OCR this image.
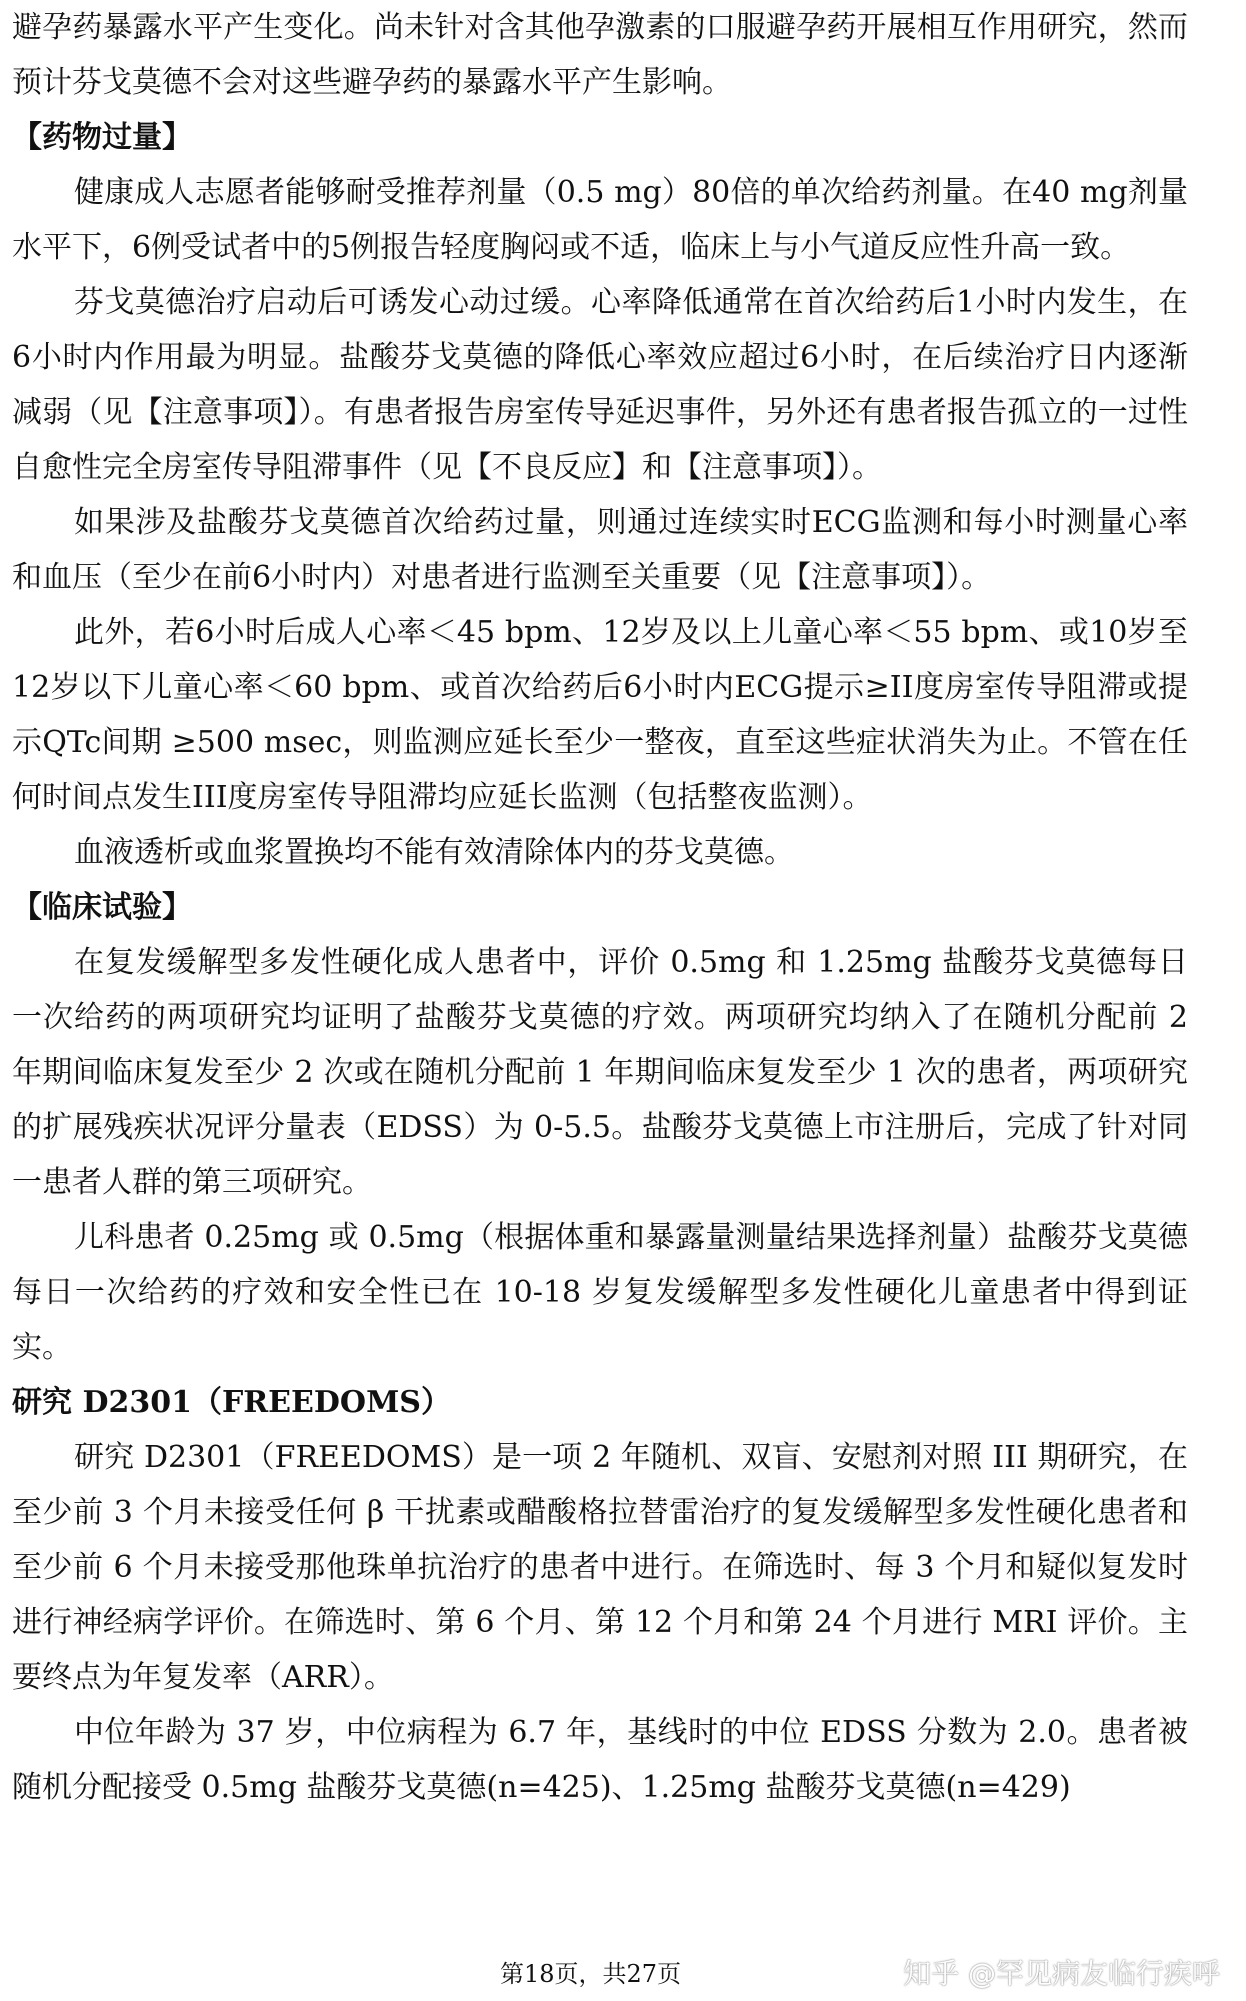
避孕药暴露水平产生变化。尚未针对含其他孕激素的口服避孕药开展相互作用研究，然而预计芬戈莫德不会对这些避孕药的暴露水平产生影响。

【药物过量】

健康成人志愿者能够耐受推荐剂量（0.5 mg）80倍的单次给药剂量。在40 mg剂量水平下，6例受试者中的5例报告轻度胸闷或不适，临床上与小气道反应性升高一致。

芬戈莫德治疗启动后可诱发心动过缓。心率降低通常在首次给药后1小时内发生，在6小时内作用最为明显。盐酸芬戈莫德的降低心率效应超过6小时，在后续治疗日内逐渐减弱（见【注意事项】）。有患者报告房室传导延迟事件，另外还有患者报告孤立的一过性自愈性完全房室传导阻滞事件（见【不良反应】和【注意事项】）。

如果涉及盐酸芬戈莫德首次给药过量，则通过连续实时ECG监测和每小时测量心率和血压（至少在前6小时内）对患者进行监测至关重要（见【注意事项】）。

此外，若6小时后成人心率＜45 bpm、12岁及以上儿童心率＜55 bpm、或10岁至12岁以下儿童心率＜60 bpm、或首次给药后6小时内ECG提示≥II度房室传导阻滞或提示QTc间期 ≥500 msec，则监测应延长至少一整夜，直至这些症状消失为止。不管在任何时间点发生III度房室传导阻滞均应延长监测（包括整夜监测）。

血液透析或血浆置换均不能有效清除体内的芬戈莫德。

【临床试验】

在复发缓解型多发性硬化成人患者中，评价 0.5mg 和 1.25mg 盐酸芬戈莫德每日一次给药的两项研究均证明了盐酸芬戈莫德的疗效。两项研究均纳入了在随机分配前 2 年期间临床复发至少 2 次或在随机分配前 1 年期间临床复发至少 1 次的患者，两项研究的扩展残疾状况评分量表（EDSS）为 0-5.5。盐酸芬戈莫德上市注册后，完成了针对同一患者人群的第三项研究。

儿科患者 0.25mg 或 0.5mg（根据体重和暴露量测量结果选择剂量）盐酸芬戈莫德每日一次给药的疗效和安全性已在 10-18 岁复发缓解型多发性硬化儿童患者中得到证实。

研究 D2301（FREEDOMS）

研究 D2301（FREEDOMS）是一项 2 年随机、双盲、安慰剂对照 III 期研究，在至少前 3 个月未接受任何 β 干扰素或醋酸格拉替雷治疗的复发缓解型多发性硬化患者和至少前 6 个月未接受那他珠单抗治疗的患者中进行。在筛选时、每 3 个月和疑似复发时进行神经病学评价。在筛选时、第 6 个月、第 12 个月和第 24 个月进行 MRI 评价。主要终点为年复发率（ARR）。

中位年龄为 37 岁，中位病程为 6.7 年，基线时的中位 EDSS 分数为 2.0。患者被随机分配接受 0.5mg 盐酸芬戈莫德(n=425)、1.25mg 盐酸芬戈莫德(n=429)

第18页，共27页	知乎 @罕见病友临行疾呼
